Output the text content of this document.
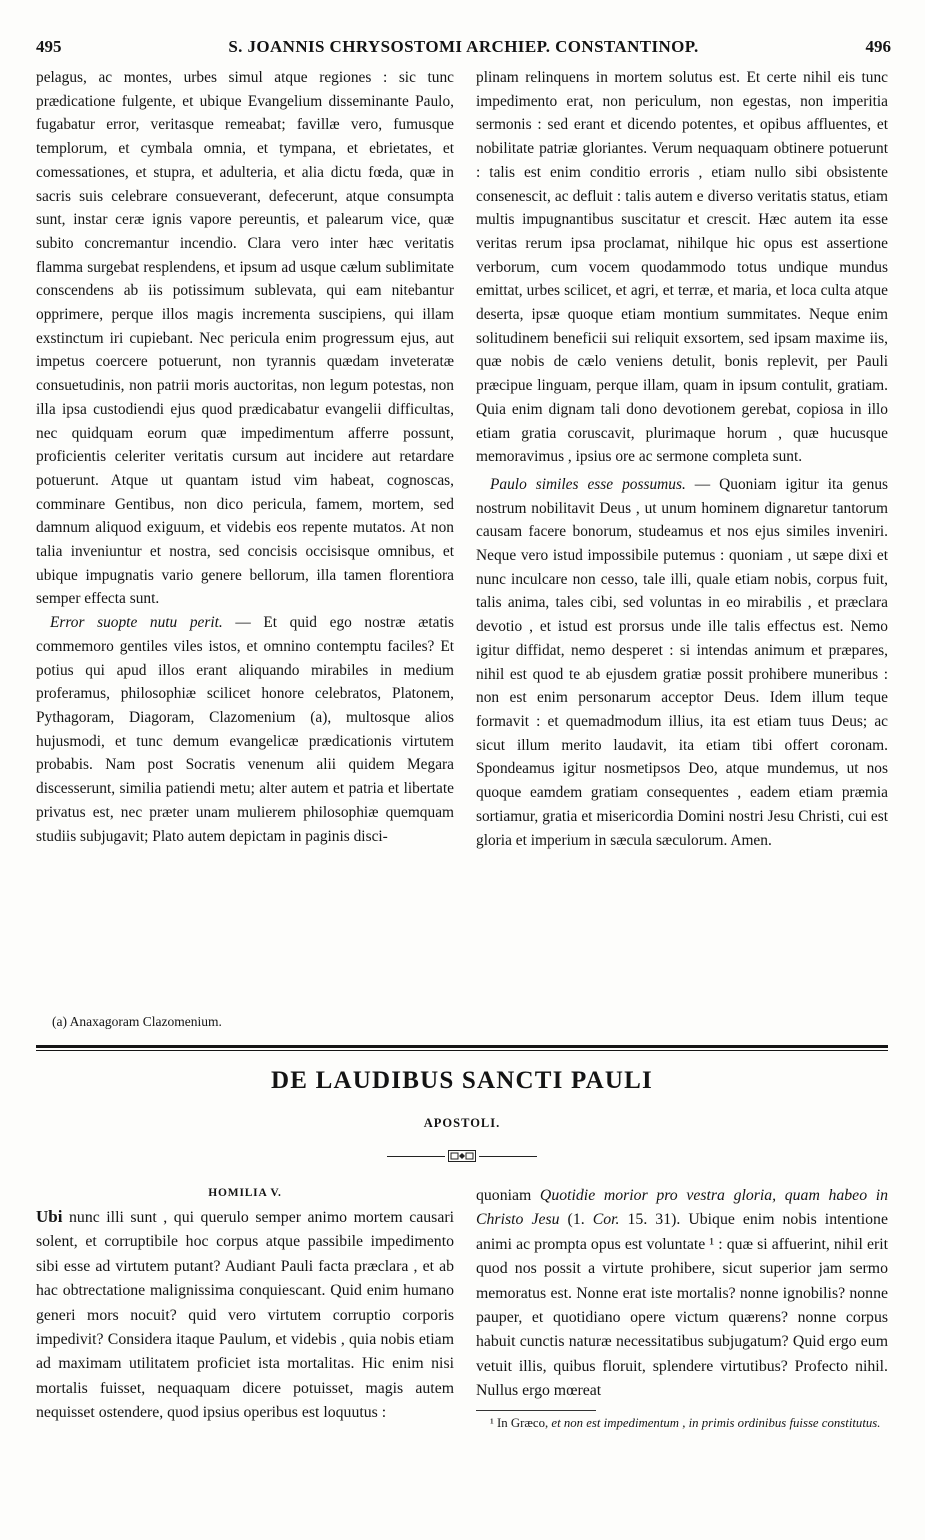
495	S. JOANNIS CHRYSOSTOMI ARCHIEP. CONSTANTINOP.	496

pelagus, ac montes, urbes simul atque regiones : sic tunc prædicatione fulgente, et ubique Evangelium disseminante Paulo, fugabatur error, veritasque remeabat; favillæ vero, fumusque templorum, et cymbala omnia, et tympana, et ebrietates, et comessationes, et stupra, et adulteria, et alia dictu fœda, quæ in sacris suis celebrare consueverant, defecerunt, atque consumpta sunt, instar ceræ ignis vapore pereuntis, et palearum vice, quæ subito concremantur incendio. Clara vero inter hæc veritatis flamma surgebat resplendens, et ipsum ad usque cælum sublimitate conscendens ab iis potissimum sublevata, qui eam nitebantur opprimere, perque illos magis incrementa suscipiens, qui illam exstinctum iri cupiebant. Nec pericula enim progressum ejus, aut impetus coercere potuerunt, non tyrannis quædam inveteratæ consuetudinis, non patrii moris auctoritas, non legum potestas, non illa ipsa custodiendi ejus quod prædicabatur evangelii difficultas, nec quidquam eorum quæ impedimentum afferre possunt, proficientis celeriter veritatis cursum aut incidere aut retardare potuerunt. Atque ut quantam istud vim habeat, cognoscas, comminare Gentibus, non dico pericula, famem, mortem, sed damnum aliquod exiguum, et videbis eos repente mutatos. At non talia inveniuntur et nostra, sed concisis occisisque omnibus, et ubique impugnatis vario genere bellorum, illa tamen florentiora semper effecta sunt.

Error suopte nutu perit. — Et quid ego nostræ ætatis commemoro gentiles viles istos, et omnino contemptu faciles? Et potius qui apud illos erant aliquando mirabiles in medium proferamus, philosophiæ scilicet honore celebratos, Platonem, Pythagoram, Diagoram, Clazomenium (a), multosque alios hujusmodi, et tunc demum evangelicæ prædicationis virtutem probabis. Nam post Socratis venenum alii quidem Megara discesserunt, similia patiendi metu; alter autem et patria et libertate privatus est, nec præter unam mulierem philosophiæ quemquam studiis subjugavit; Plato autem depictam in paginis disci-

(a) Anaxagoram Clazomenium.

plinam relinquens in mortem solutus est. Et certe nihil eis tunc impedimento erat, non periculum, non egestas, non imperitia sermonis : sed erant et dicendo potentes, et opibus affluentes, et nobilitate patriæ gloriantes. Verum nequaquam obtinere potuerunt : talis est enim conditio erroris , etiam nullo sibi obsistente consenescit, ac defluit : talis autem e diverso veritatis status, etiam multis impugnantibus suscitatur et crescit. Hæc autem ita esse veritas rerum ipsa proclamat, nihilque hic opus est assertione verborum, cum vocem quodammodo totus undique mundus emittat, urbes scilicet, et agri, et terræ, et maria, et loca culta atque deserta, ipsæ quoque etiam montium summitates. Neque enim solitudinem beneficii sui reliquit exsortem, sed ipsam maxime iis, quæ nobis de cælo veniens detulit, bonis replevit, per Pauli præcipue linguam, perque illam, quam in ipsum contulit, gratiam. Quia enim dignam tali dono devotionem gerebat, copiosa in illo etiam gratia coruscavit, plurimaque horum , quæ hucusque memoravimus , ipsius ore ac sermone completa sunt.

Paulo similes esse possumus. — Quoniam igitur ita genus nostrum nobilitavit Deus , ut unum hominem dignaretur tantorum causam facere bonorum, studeamus et nos ejus similes inveniri. Neque vero istud impossibile putemus : quoniam , ut sæpe dixi et nunc inculcare non cesso, tale illi, quale etiam nobis, corpus fuit, talis anima, tales cibi, sed voluntas in eo mirabilis , et præclara devotio , et istud est prorsus unde ille talis effectus est. Nemo igitur diffidat, nemo desperet : si intendas animum et præpares, nihil est quod te ab ejusdem gratiæ possit prohibere muneribus : non est enim personarum acceptor Deus. Idem illum teque formavit : et quemadmodum illius, ita est etiam tuus Deus; ac sicut illum merito laudavit, ita etiam tibi offert coronam. Spondeamus igitur nosmetipsos Deo, atque mundemus, ut nos quoque eamdem gratiam consequentes , eadem etiam præmia sortiamur, gratia et misericordia Domini nostri Jesu Christi, cui est gloria et imperium in sæcula sæculorum. Amen.

DE LAUDIBUS SANCTI PAULI
APOSTOLI.
HOMILIA V.

Ubi nunc illi sunt , qui querulo semper animo mortem causari solent, et corruptibile hoc corpus atque passibile impedimento sibi esse ad virtutem putant? Audiant Pauli facta præclara , et ab hac obtrectatione malignissima conquiescant. Quid enim humano generi mors nocuit? quid vero virtutem corruptio corporis impedivit? Considera itaque Paulum, et videbis , quia nobis etiam ad maximam utilitatem proficiet ista mortalitas. Hic enim nisi mortalis fuisset, nequaquam dicere potuisset, magis autem nequisset ostendere, quod ipsius operibus est loquutus :

quoniam Quotidie morior pro vestra gloria, quam habeo in Christo Jesu (1. Cor. 15. 31). Ubique enim nobis intentione animi ac prompta opus est voluntate ¹ : quæ si affuerint, nihil erit quod nos possit a virtute prohibere, sicut superior jam sermo memoratus est. Nonne erat iste mortalis? nonne ignobilis? nonne pauper, et quotidiano opere victum quærens? nonne corpus habuit cunctis naturæ necessitatibus subjugatum? Quid ergo eum vetuit illis, quibus floruit, splendere virtutibus? Profecto nihil. Nullus ergo mœreat

¹ In Græco, et non est impedimentum , in primis ordinibus fuisse constitutus.
